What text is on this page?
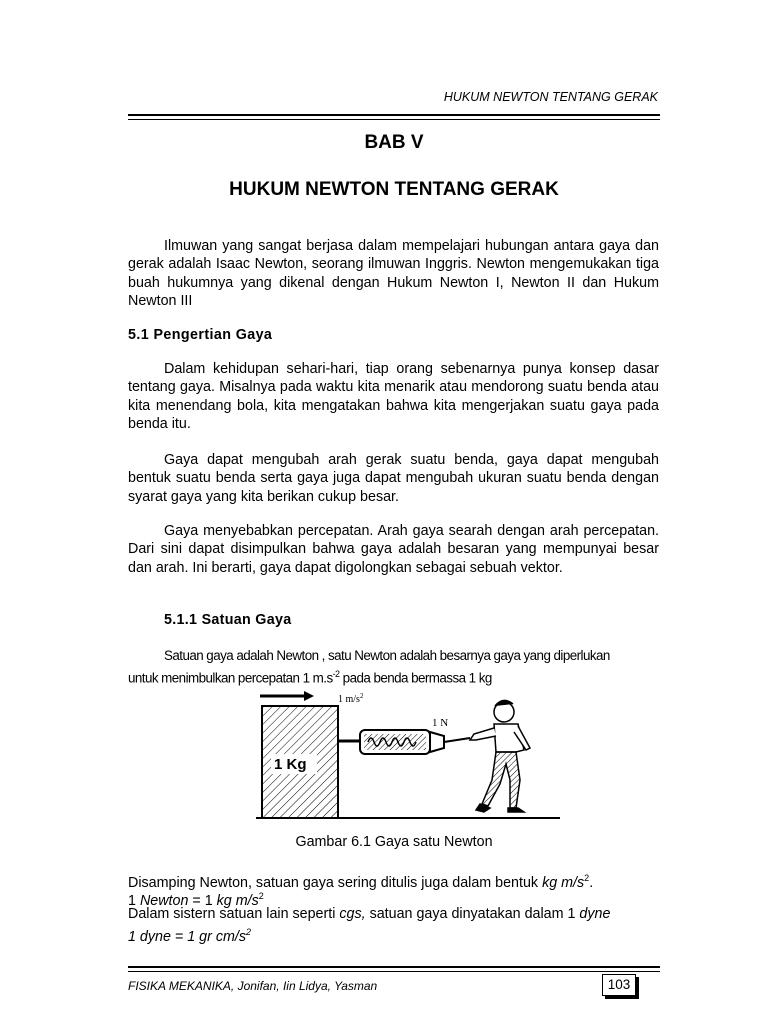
HUKUM NEWTON TENTANG GERAK
BAB V
HUKUM NEWTON TENTANG GERAK
Ilmuwan yang sangat berjasa dalam mempelajari hubungan antara gaya dan gerak adalah Isaac Newton, seorang ilmuwan Inggris. Newton mengemukakan tiga buah hukumnya yang dikenal dengan Hukum Newton I, Newton II dan Hukum Newton III
5.1 Pengertian Gaya
Dalam kehidupan sehari-hari, tiap orang sebenarnya punya konsep dasar tentang gaya. Misalnya pada waktu kita menarik atau mendorong suatu benda atau kita menendang bola, kita mengatakan bahwa kita mengerjakan suatu gaya pada benda itu.
Gaya dapat mengubah arah gerak suatu benda, gaya dapat mengubah bentuk suatu benda serta gaya juga dapat mengubah ukuran suatu benda dengan syarat gaya yang kita berikan cukup besar.
Gaya menyebabkan percepatan. Arah gaya searah dengan arah percepatan. Dari sini dapat disimpulkan bahwa gaya adalah besaran yang mempunyai besar dan arah. Ini berarti, gaya dapat digolongkan sebagai sebuah vektor.
5.1.1 Satuan Gaya
Satuan gaya adalah Newton , satu Newton adalah besarnya gaya yang diperlukan
untuk menimbulkan percepatan 1 $m.s^{-2}$ pada benda bermassa 1 kg
1 $m/s^2$
1 Kg
1 N
Gambar 6.1 Gaya satu Newton
Disamping Newton, satuan gaya sering ditulis juga dalam bentuk kg $m/s^2$.
1 Newton = 1 kg $m/s^2$
Dalam sistern satuan lain seperti cgs, satuan gaya dinyatakan dalam 1 dyne
1 dyne = 1 gr $cm/s^2$
FISIKA MEKANIKA, Jonifan, Iin Lidya, Yasman	103
